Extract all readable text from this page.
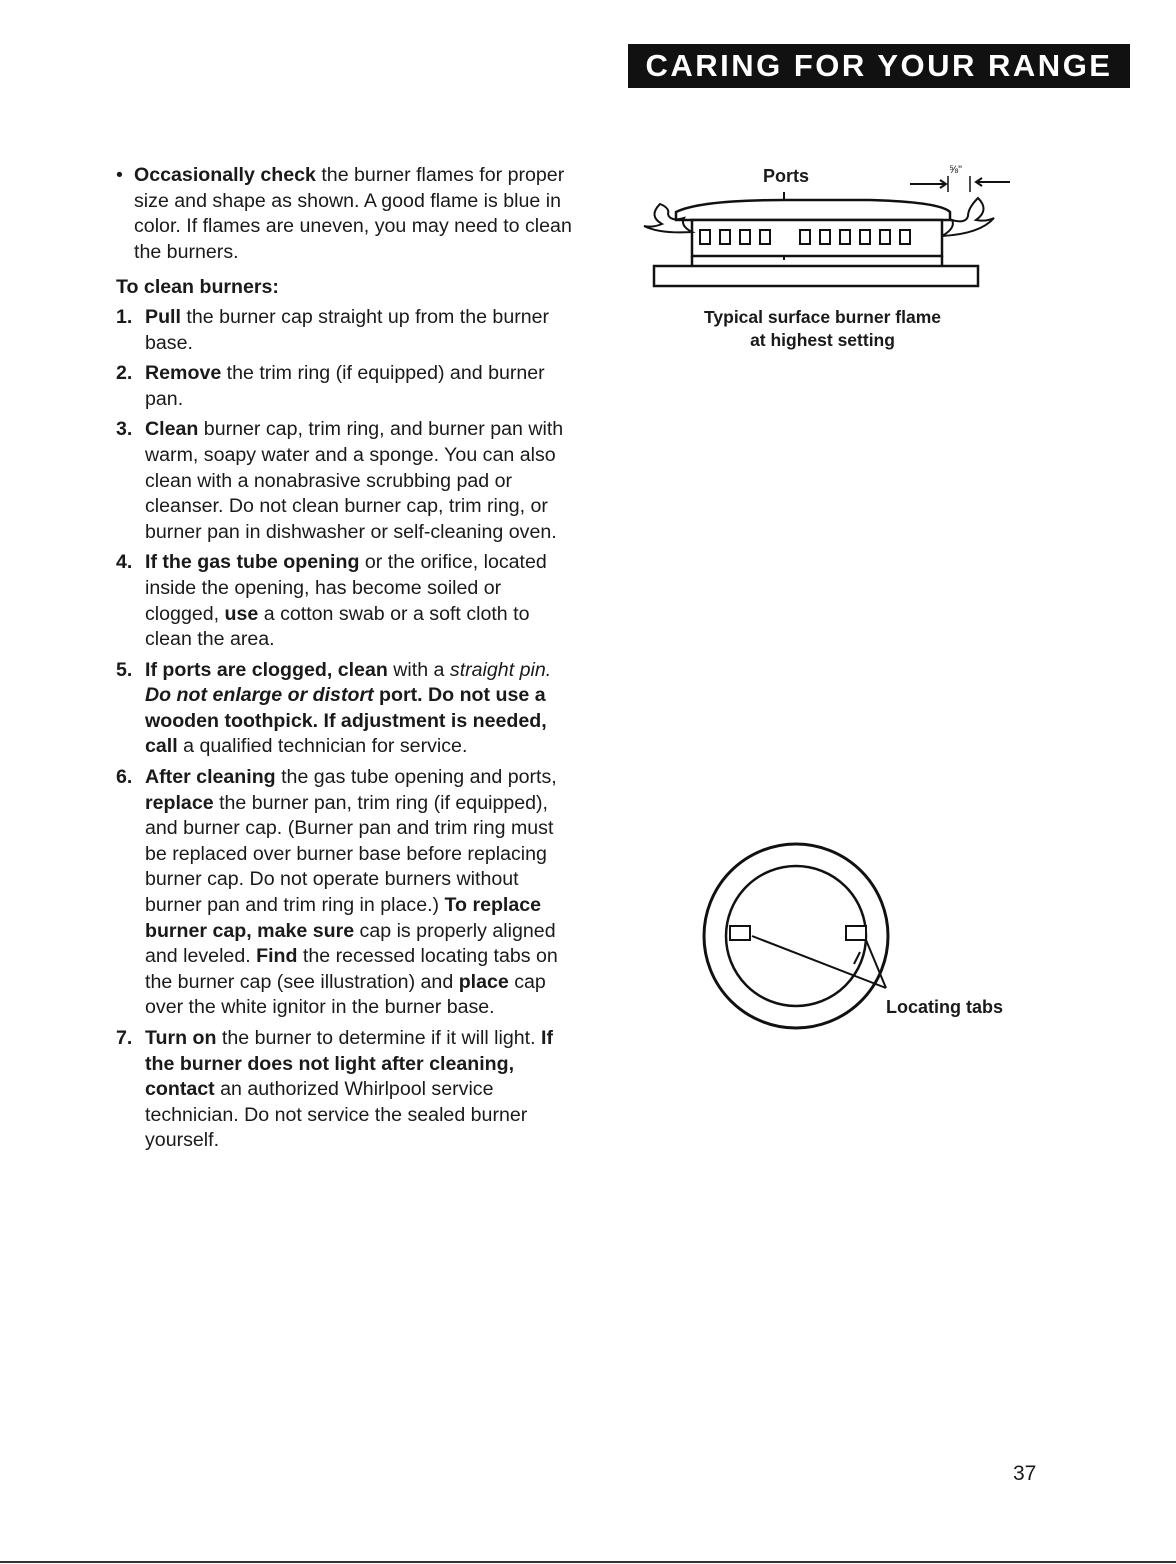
CARING FOR YOUR RANGE

• Occasionally check the burner flames for proper size and shape as shown. A good flame is blue in color. If flames are uneven, you may need to clean the burners.

To clean burners:
1. Pull the burner cap straight up from the burner base.
2. Remove the trim ring (if equipped) and burner pan.
3. Clean burner cap, trim ring, and burner pan with warm, soapy water and a sponge. You can also clean with a nonabrasive scrubbing pad or cleanser. Do not clean burner cap, trim ring, or burner pan in dishwasher or self-cleaning oven.
4. If the gas tube opening or the orifice, located inside the opening, has become soiled or clogged, use a cotton swab or a soft cloth to clean the area.
5. If ports are clogged, clean with a straight pin. Do not enlarge or distort port. Do not use a wooden toothpick. If adjustment is needed, call a qualified technician for service.
6. After cleaning the gas tube opening and ports, replace the burner pan, trim ring (if equipped), and burner cap. (Burner pan and trim ring must be replaced over burner base before replacing burner cap. Do not operate burners without burner pan and trim ring in place.) To replace burner cap, make sure cap is properly aligned and leveled. Find the recessed locating tabs on the burner cap (see illustration) and place cap over the white ignitor in the burner base.
7. Turn on the burner to determine if it will light. If the burner does not light after cleaning, contact an authorized Whirlpool service technician. Do not service the sealed burner yourself.
Ports	⅝"
Typical surface burner flame
at highest setting
Locating tabs
37
